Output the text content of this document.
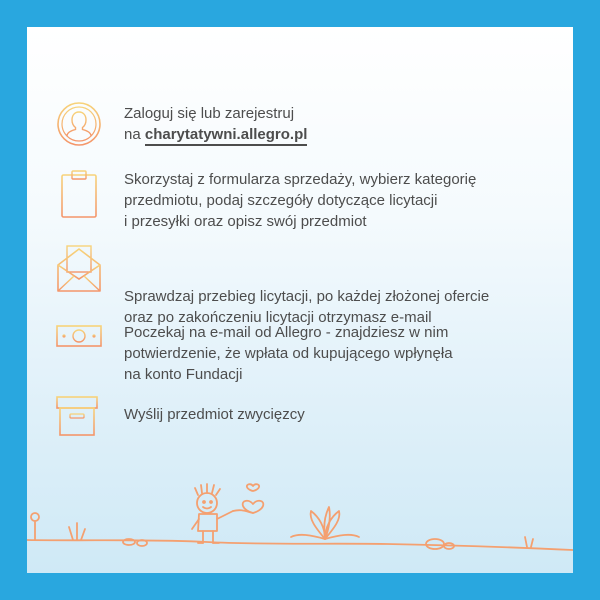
Zaloguj się lub zarejestruj
na charytatywni.allegro.pl
Skorzystaj z formularza sprzedaży, wybierz kategorię
przedmiotu, podaj szczegóły dotyczące licytacji
i przesyłki oraz opisz swój przedmiot
Sprawdzaj przebieg licytacji, po każdej złożonej ofercie
oraz po zakończeniu licytacji otrzymasz e-mail
Poczekaj na e-mail od Allegro - znajdziesz w nim
potwierdzenie, że wpłata od kupującego wpłynęła
na konto Fundacji
Wyślij przedmiot zwycięzcy
